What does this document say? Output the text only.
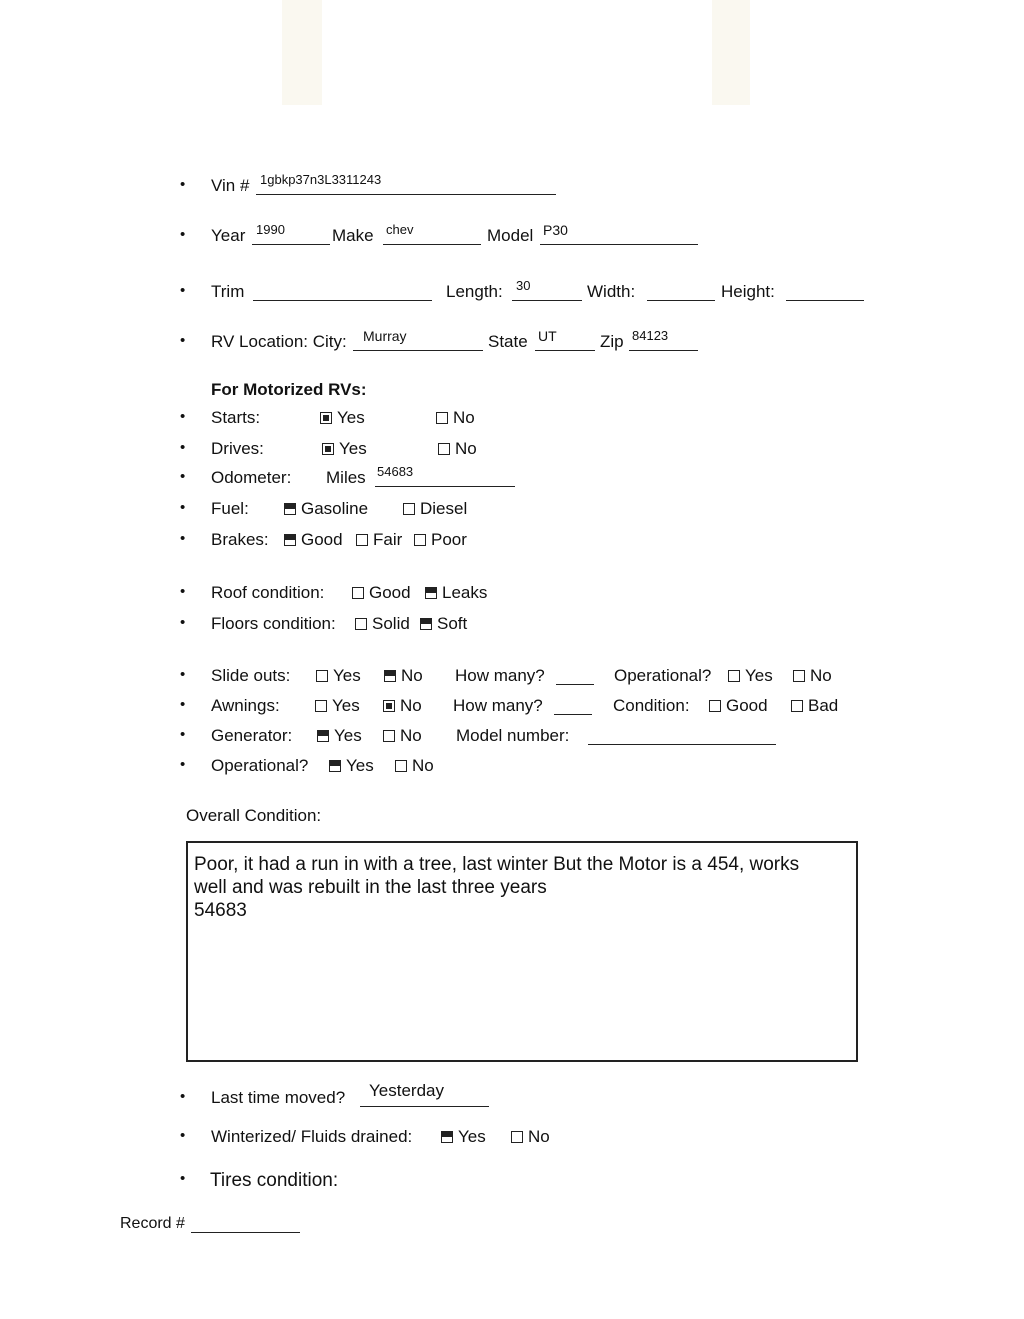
• Vin # 1gbkp37n3L3311243
• Year 1990	Make chev	Model P30
• Trim	Length: 30	Width:	Height:
• RV Location: City: Murray	State UT	Zip 84123
For Motorized RVs:
• Starts:	Yes	No
• Drives:	Yes	No
• Odometer: Miles 54683
• Fuel:	Gasoline	Diesel
• Brakes:	Good	Fair	Poor
• Roof condition:	Good	Leaks
• Floors condition:	Solid	Soft
• Slide outs:	Yes	No How many?	Operational?	Yes	No
• Awnings:	Yes	No How many?	Condition:	Good	Bad
• Generator:	Yes	No Model number:
• Operational?	Yes	No
Overall Condition:
Poor, it had a run in with a tree, last winter But the Motor is a 454, works
well and was rebuilt in the last three years
54683
• Last time moved? Yesterday
• Winterized/ Fluids drained:	Yes	No
• Tires condition:
Record #
